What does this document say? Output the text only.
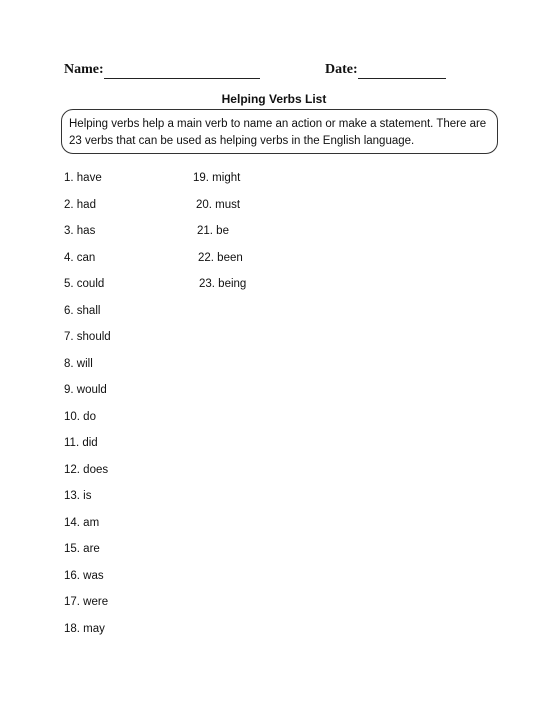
Name:	Date:
Helping Verbs List
Helping verbs help a main verb to name an action or make a statement. There are 23 verbs that can be used as helping verbs in the English language.
1. have
2. had
3. has
4. can
5. could
6. shall
7. should
8. will
9. would
10. do
11. did
12. does
13. is
14. am
15. are
16. was
17. were
18. may
19. might
20. must
21. be
22. been
23. being
